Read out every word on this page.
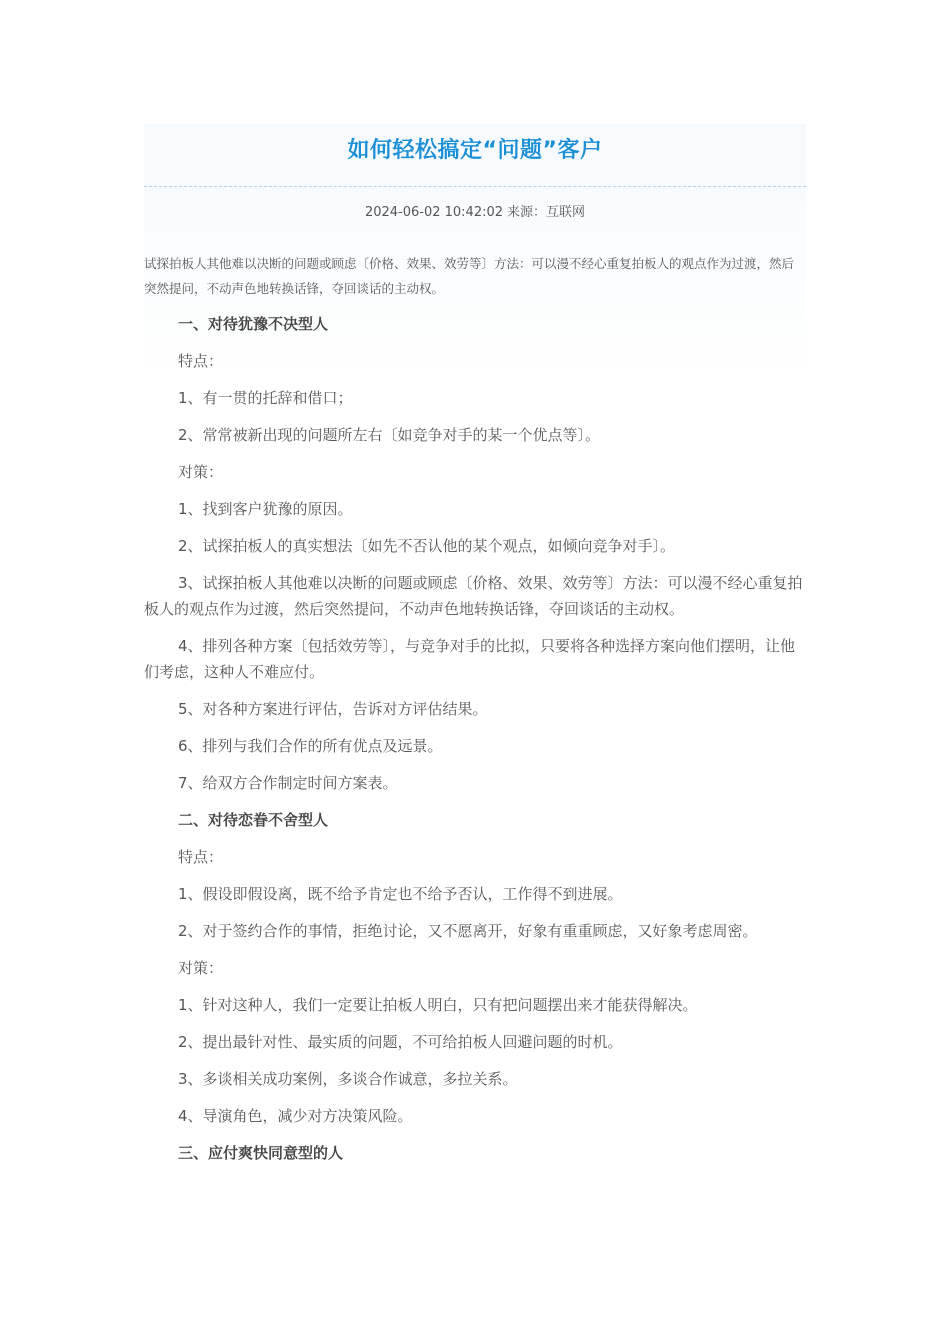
如何轻松搞定“问题”客户
2024-06-02 10:42:02 来源：互联网

试探拍板人其他难以决断的问题或顾虑〔价格、效果、效劳等〕方法：可以漫不经心重复拍板人的观点作为过渡，然后突然提问，不动声色地转换话锋，夺回谈话的主动权。

一、对待犹豫不决型人

特点：

1、有一贯的托辞和借口；

2、常常被新出现的问题所左右〔如竞争对手的某一个优点等〕。

对策：

1、找到客户犹豫的原因。

2、试探拍板人的真实想法〔如先不否认他的某个观点，如倾向竞争对手〕。

3、试探拍板人其他难以决断的问题或顾虑〔价格、效果、效劳等〕方法：可以漫不经心重复拍板人的观点作为过渡，然后突然提问，不动声色地转换话锋，夺回谈话的主动权。

4、排列各种方案〔包括效劳等〕，与竞争对手的比拟，只要将各种选择方案向他们摆明，让他们考虑，这种人不难应付。

5、对各种方案进行评估，告诉对方评估结果。

6、排列与我们合作的所有优点及远景。

7、给双方合作制定时间方案表。

二、对待恋眷不舍型人

特点：

1、假设即假设离，既不给予肯定也不给予否认，工作得不到进展。

2、对于签约合作的事情，拒绝讨论，又不愿离开，好象有重重顾虑，又好象考虑周密。

对策：

1、针对这种人，我们一定要让拍板人明白，只有把问题摆出来才能获得解决。

2、提出最针对性、最实质的问题，不可给拍板人回避问题的时机。

3、多谈相关成功案例，多谈合作诚意，多拉关系。

4、导演角色，减少对方决策风险。

三、应付爽快同意型的人
